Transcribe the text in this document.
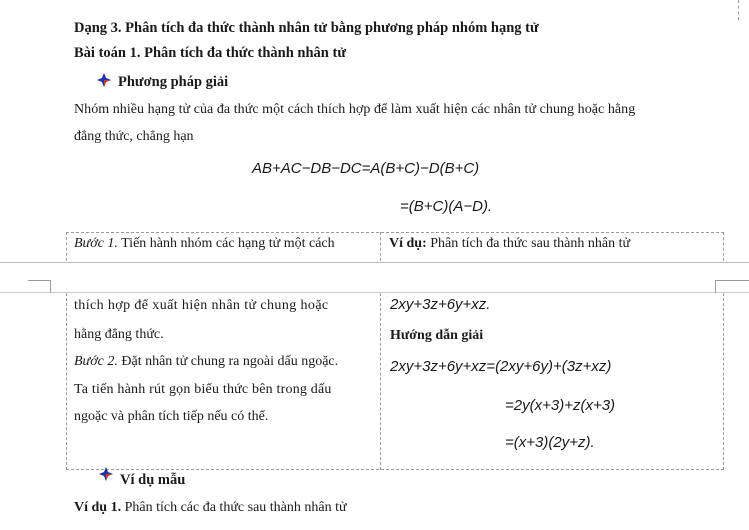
Dạng 3. Phân tích đa thức thành nhân tử bằng phương pháp nhóm hạng tử
Bài toán 1. Phân tích đa thức thành nhân tử
Phương pháp giải
Nhóm nhiều hạng tử của đa thức một cách thích hợp để làm xuất hiện các nhân tử chung hoặc hằng
đẳng thức, chẳng hạn
AB+AC−DB−DC=A(B+C)−D(B+C)
=(B+C)(A−D).
Bước 1. Tiến hành nhóm các hạng tử một cách	Ví dụ: Phân tích đa thức sau thành nhân tử
thích hợp để xuất hiện nhân tử chung hoặc
hằng đẳng thức.
Bước 2. Đặt nhân tử chung ra ngoài dấu ngoặc.
Ta tiến hành rút gọn biểu thức bên trong dấu
ngoặc và phân tích tiếp nếu có thể.
2xy+3z+6y+xz.
Hướng dẫn giải
2xy+3z+6y+xz=(2xy+6y)+(3z+xz)
=2y(x+3)+z(x+3)
=(x+3)(2y+z).
Ví dụ mẫu
Ví dụ 1. Phân tích các đa thức sau thành nhân tử
